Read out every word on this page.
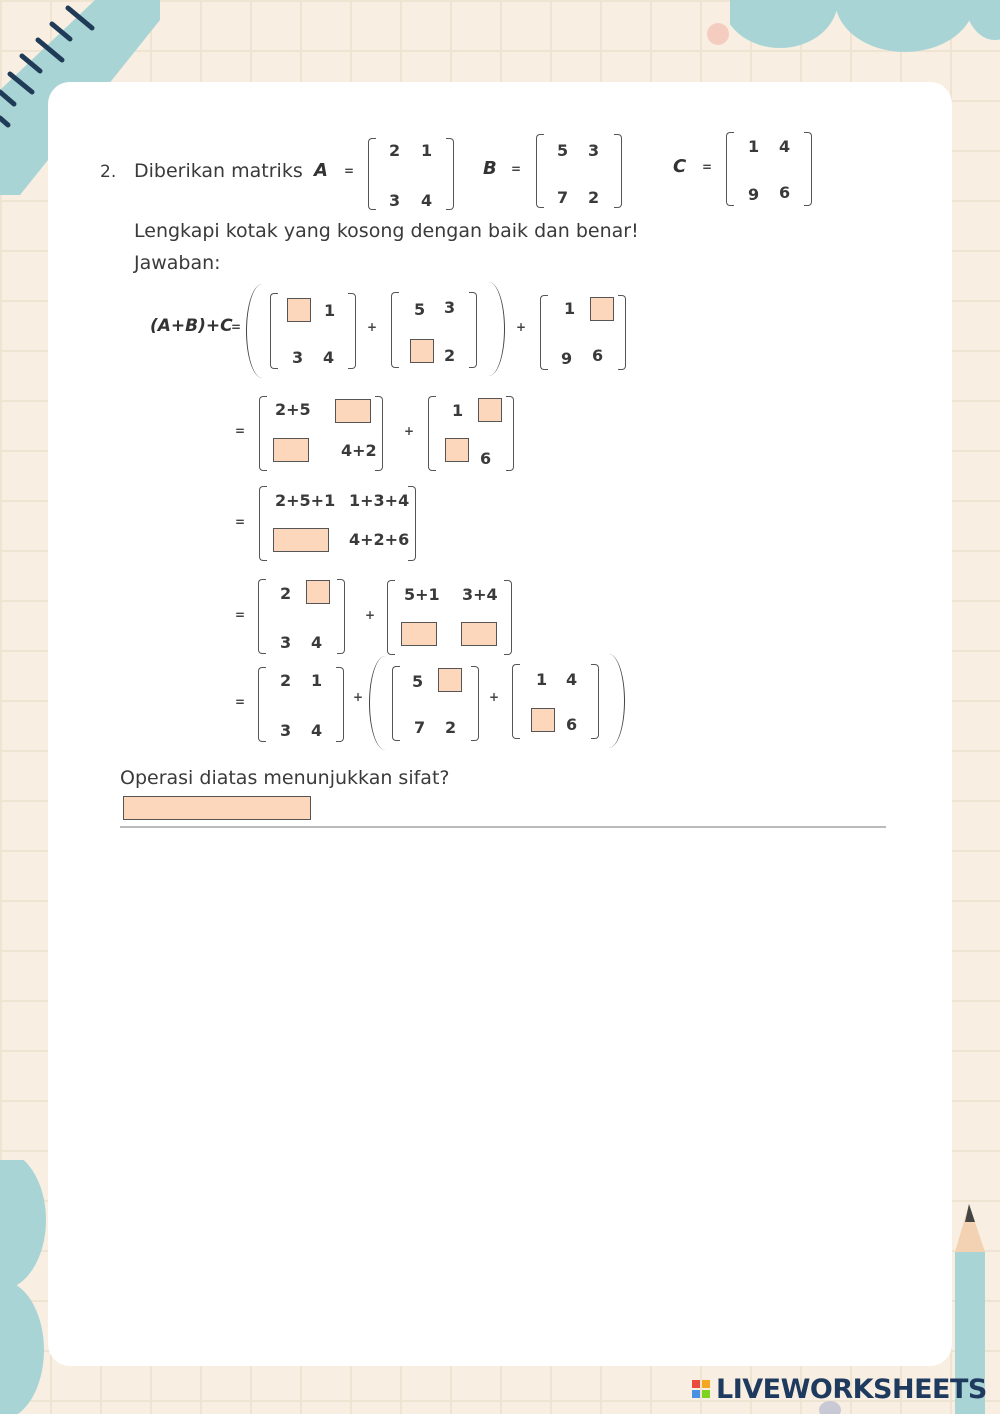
2. Diberikan matriks A =
2 1
3 4
B =
5 3
7 2
C =
1 4
9 6
Lengkapi kotak yang kosong dengan baik dan benar!
Jawaban:
(A+B)+C
=
1
3 4
+
5 3
2
+
1
9 6
=
2+5
4+2
+
1
6
=
2+5+1 1+3+4
4+2+6
=
2
3 4
+
5+1 3+4
=
2 1
3 4
+
5
7 2
+
1 4
6
Operasi diatas menunjukkan sifat?
LIVEWORKSHEETS
